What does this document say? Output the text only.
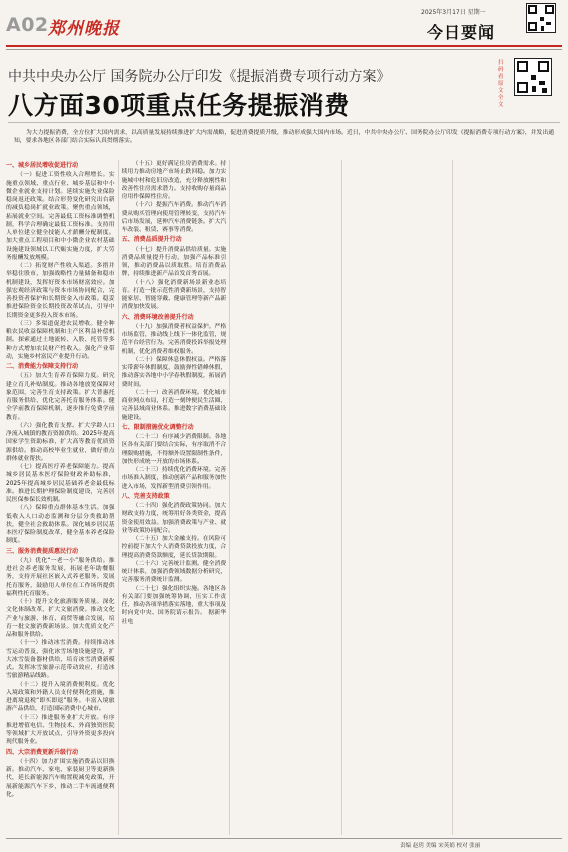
A02 郑州晚报
2025年3月17日 星期一
今日要闻
中共中央办公厅 国务院办公厅印发《提振消费专项行动方案》
八方面30项重点任务提振消费
扫码看原文全文
为大力提振消费，全方位扩大国内需求，以高质量发展持续推进扩大内需战略，促进消费提质升级，推动形成强大国内市场。近日，中共中央办公厅、国务院办公厅印发《提振消费专项行动方案》，并发出通知，要求各地区各部门结合实际认真贯彻落实。
一、城乡居民增收促进行动

（一）促进工资性收入合理增长。实施重点领域、重点行业、城乡基层和中小微企业就业支持计划。延续实施失业保险稳岗返还政策。结合形势变化研究出台新的减负稳岗扩就业政策。聚焦重点领域，拓展就业空间。完善最低工资标准调整机制，科学合理确定最低工资标准。支持用人单位建立健全技能人才薪酬分配制度。加大重点工程项目和中小微企业农村基础设施建设领域以工代赈实施力度，扩大劳务报酬发放规模。

（二）拓宽财产性收入渠道。多措并举稳住股市，加强战略性力量储备和稳市机制建设，发挥好资本市场财富效应。加强宏观经济政策与资本市场协同配合，完善投资者保护和长期资金入市政策。稳妥推进保险资金长期投资改革试点，引导中长期资金更多投入资本市场。

（三）多渠道促进农民增收。健全种粮农民收益保障机制和主产区利益补偿机制。探索通过土地流转、入股、托管等多种方式增加农民财产性收入。强化产业带动，实施乡村富民产业提升行动。

二、消费能力保障支持行动

（五）加大生育养育保障力度。研究建立育儿补贴制度。推动各地放宽保障对象范围，完善生育支持政策。扩大普惠托育服务供给，优化完善托育服务体系。健全学前教育保障机制，逐步推行免费学前教育。

（六）强化教育支撑。扩大学龄人口净流入城镇的教育资源供给。2025年提高国家学生资助标准，扩大高等教育优质资源供给。推动高校毕业生就业，做好重点群体就业帮扶。

（七）提高医疗养老保障能力。提高城乡居民基本医疗保险财政补助标准，2025年提高城乡居民基础养老金最低标准。推进长期护理保险制度建设，完善居民医保参保长效机制。

（八）保障重点群体基本生活。加强低收入人口动态监测和分层分类救助帮扶，健全社会救助体系。深化城乡居民基本医疗保险制度改革，健全基本养老保险制度。

三、服务消费提质惠民行动

（九）优化“一老一小”服务供给。推进社会养老服务发展，拓展老年助餐服务，支持开展社区嵌入式养老服务。发展托育服务，鼓励用人单位在工作场所提供福利性托育服务。

（十）提升文化旅游服务质量。深化文化体制改革，扩大文旅消费。推动文化产业与旅游、体育、商贸等融合发展，培育一批文旅消费新场景。加大优质文化产品和服务供给。

（十一）推动冰雪消费。持续推动冰雪运动普及，强化冰雪场地设施建设，扩大冰雪装备器材供给，培育冰雪消费新模式。发挥冰雪旅游示范带动效应，打造冰雪旅游精品线路。

（十二）提升入境消费便利度。优化入境政策和外籍人员支付便利化措施，推进离境退税“即买即退”服务。丰富入境旅游产品供给，打造国际消费中心城市。

（十三）推进服务业扩大开放。有序推进增值电信、生物技术、外商独资医院等领域扩大开放试点，引导外资更多投向现代服务业。

四、大宗消费更新升级行动

（十四）加力扩围实施消费品以旧换新。推动汽车、家电、家装厨卫等更新换代，延长新能源汽车购置税减免政策，开展新能源汽车下乡，推动二手车流通便利化。

（十五）更好满足住房消费需求。持续用力推动房地产市场止跌回稳。加力实施城中村和危旧房改造，充分释放刚性和改善性住房需求潜力。支持收购存量商品房用作保障性住房。

（十六）提振汽车消费。推动汽车消费从购买管理向使用管理转变，支持汽车后市场发展，延伸汽车消费链条。扩大汽车改装、租赁、赛事等消费。

五、消费品质提升行动

（十七）提升消费品供给质量。实施消费品质量提升行动，加强产品标准引领，推动消费品以质取胜。培育消费品牌，持续推进新产品首发首秀首展。

（十八）强化消费新场景新业态培育。打造一批示范性消费新场景，支持智能家居、智能穿戴、健康管理等新产品新消费加快发展。

六、消费环境改善提升行动

（十九）加强消费者权益保护。严格市场监管，推动线上线下一体化监管，规范平台经营行为。完善消费投诉举报处理机制，优化消费者维权服务。

（二十）保障休息休假权益。严格落实带薪年休假制度，鼓励弹性错峰休假，推动落实各地中小学春秋假制度，拓展消费时间。

（二十一）改善消费环境。优化城市商业网点布局，打造一刻钟便民生活圈，完善县域商业体系。推进数字消费基础设施建设。

七、限制措施优化调整行动

（二十二）有序减少消费限制。各地区各有关部门要结合实际，有序取消不合理限购措施，不得额外设置限制性条件，加快形成统一开放的市场体系。

（二十三）持续优化消费环境。完善市场准入制度，推动创新产品和服务加快进入市场，发挥新型消费引领作用。

八、完善支持政策

（二十四）强化消费政策协同。加大财政支持力度，统筹用好各类资金，提高资金使用效益。加强消费政策与产业、就业等政策协同配合。

（二十五）加大金融支持。在风险可控前提下加大个人消费贷款投放力度，合理提高消费贷款额度，延长贷款期限。

（二十六）完善统计监测。健全消费统计体系，加强消费领域数据分析研究，完善服务消费统计监测。

（二十七）强化组织实施。各地区各有关部门要加强统筹协调，压实工作责任，推动各项举措落实落地，重大事项及时向党中央、国务院请示报告。 据新华社电

责编 赵玥 美编 宋英娟 校对 张丽
